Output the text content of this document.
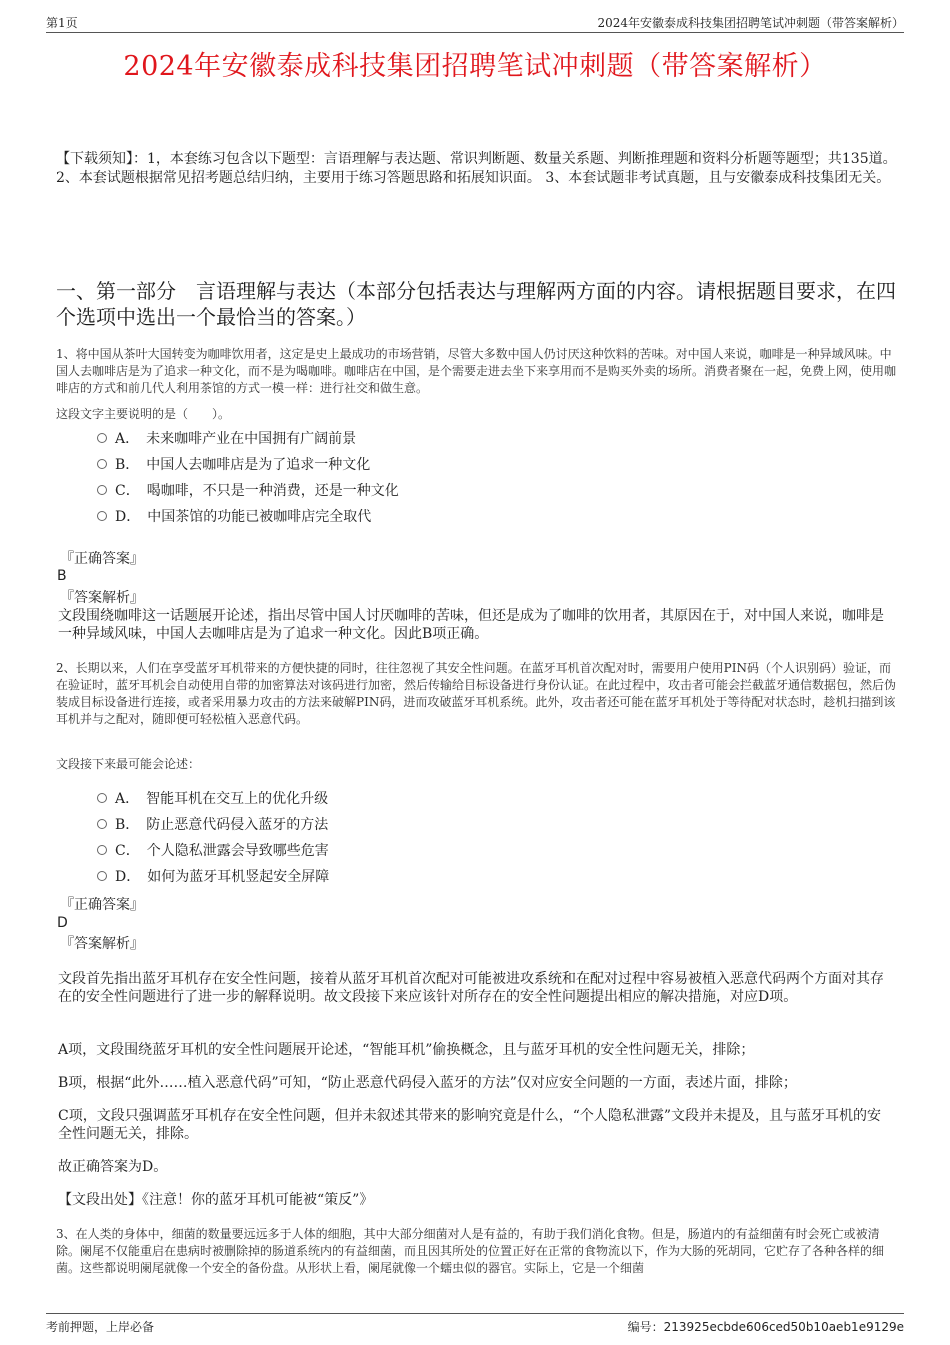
第1页	2024年安徽泰成科技集团招聘笔试冲刺题（带答案解析）
2024年安徽泰成科技集团招聘笔试冲刺题（带答案解析）
【下载须知】：1，本套练习包含以下题型：言语理解与表达题、常识判断题、数量关系题、判断推理题和资料分析题等题型；共135道。 2、本套试题根据常见招考题总结归纳，主要用于练习答题思路和拓展知识面。 3、本套试题非考试真题，且与安徽泰成科技集团无关。
一、第一部分　言语理解与表达（本部分包括表达与理解两方面的内容。请根据题目要求，在四个选项中选出一个最恰当的答案。）
1、将中国从茶叶大国转变为咖啡饮用者，这定是史上最成功的市场营销，尽管大多数中国人仍讨厌这种饮料的苦味。对中国人来说，咖啡是一种异域风味。中国人去咖啡店是为了追求一种文化，而不是为喝咖啡。咖啡店在中国，是个需要走进去坐下来享用而不是购买外卖的场所。消费者聚在一起，免费上网，使用咖啡店的方式和前几代人利用茶馆的方式一模一样：进行社交和做生意。
这段文字主要说明的是（　　）。
A．　未来咖啡产业在中国拥有广阔前景
B．　中国人去咖啡店是为了追求一种文化
C．　喝咖啡，不只是一种消费，还是一种文化
D．　中国茶馆的功能已被咖啡店完全取代
『正确答案』
B
『答案解析』
文段围绕咖啡这一话题展开论述，指出尽管中国人讨厌咖啡的苦味，但还是成为了咖啡的饮用者，其原因在于，对中国人来说，咖啡是一种异域风味，中国人去咖啡店是为了追求一种文化。因此B项正确。
2、长期以来，人们在享受蓝牙耳机带来的方便快捷的同时，往往忽视了其安全性问题。在蓝牙耳机首次配对时，需要用户使用PIN码（个人识别码）验证，而在验证时，蓝牙耳机会自动使用自带的加密算法对该码进行加密，然后传输给目标设备进行身份认证。在此过程中，攻击者可能会拦截蓝牙通信数据包，然后伪装成目标设备进行连接，或者采用暴力攻击的方法来破解PIN码，进而攻破蓝牙耳机系统。此外，攻击者还可能在蓝牙耳机处于等待配对状态时，趁机扫描到该耳机并与之配对，随即便可轻松植入恶意代码。
文段接下来最可能会论述：
A．　智能耳机在交互上的优化升级
B．　防止恶意代码侵入蓝牙的方法
C．　个人隐私泄露会导致哪些危害
D．　如何为蓝牙耳机竖起安全屏障
『正确答案』
D
『答案解析』
文段首先指出蓝牙耳机存在安全性问题，接着从蓝牙耳机首次配对可能被进攻系统和在配对过程中容易被植入恶意代码两个方面对其存在的安全性问题进行了进一步的解释说明。故文段接下来应该针对所存在的安全性问题提出相应的解决措施，对应D项。
A项，文段围绕蓝牙耳机的安全性问题展开论述，“智能耳机”偷换概念，且与蓝牙耳机的安全性问题无关，排除；
B项，根据“此外……植入恶意代码”可知，“防止恶意代码侵入蓝牙的方法”仅对应安全问题的一方面，表述片面，排除；
C项，文段只强调蓝牙耳机存在安全性问题，但并未叙述其带来的影响究竟是什么，“个人隐私泄露”文段并未提及，且与蓝牙耳机的安全性问题无关，排除。
故正确答案为D。
【文段出处】《注意！你的蓝牙耳机可能被“策反”》
3、在人类的身体中，细菌的数量要远远多于人体的细胞，其中大部分细菌对人是有益的，有助于我们消化食物。但是，肠道内的有益细菌有时会死亡或被清除。阑尾不仅能重启在患病时被删除掉的肠道系统内的有益细菌，而且因其所处的位置正好在正常的食物流以下，作为大肠的死胡同，它贮存了各种各样的细菌。这些都说明阑尾就像一个安全的备份盘。从形状上看，阑尾就像一个蠕虫似的器官。实际上，它是一个细菌
考前押题，上岸必备	编号：213925ecbde606ced50b10aeb1e9129e
